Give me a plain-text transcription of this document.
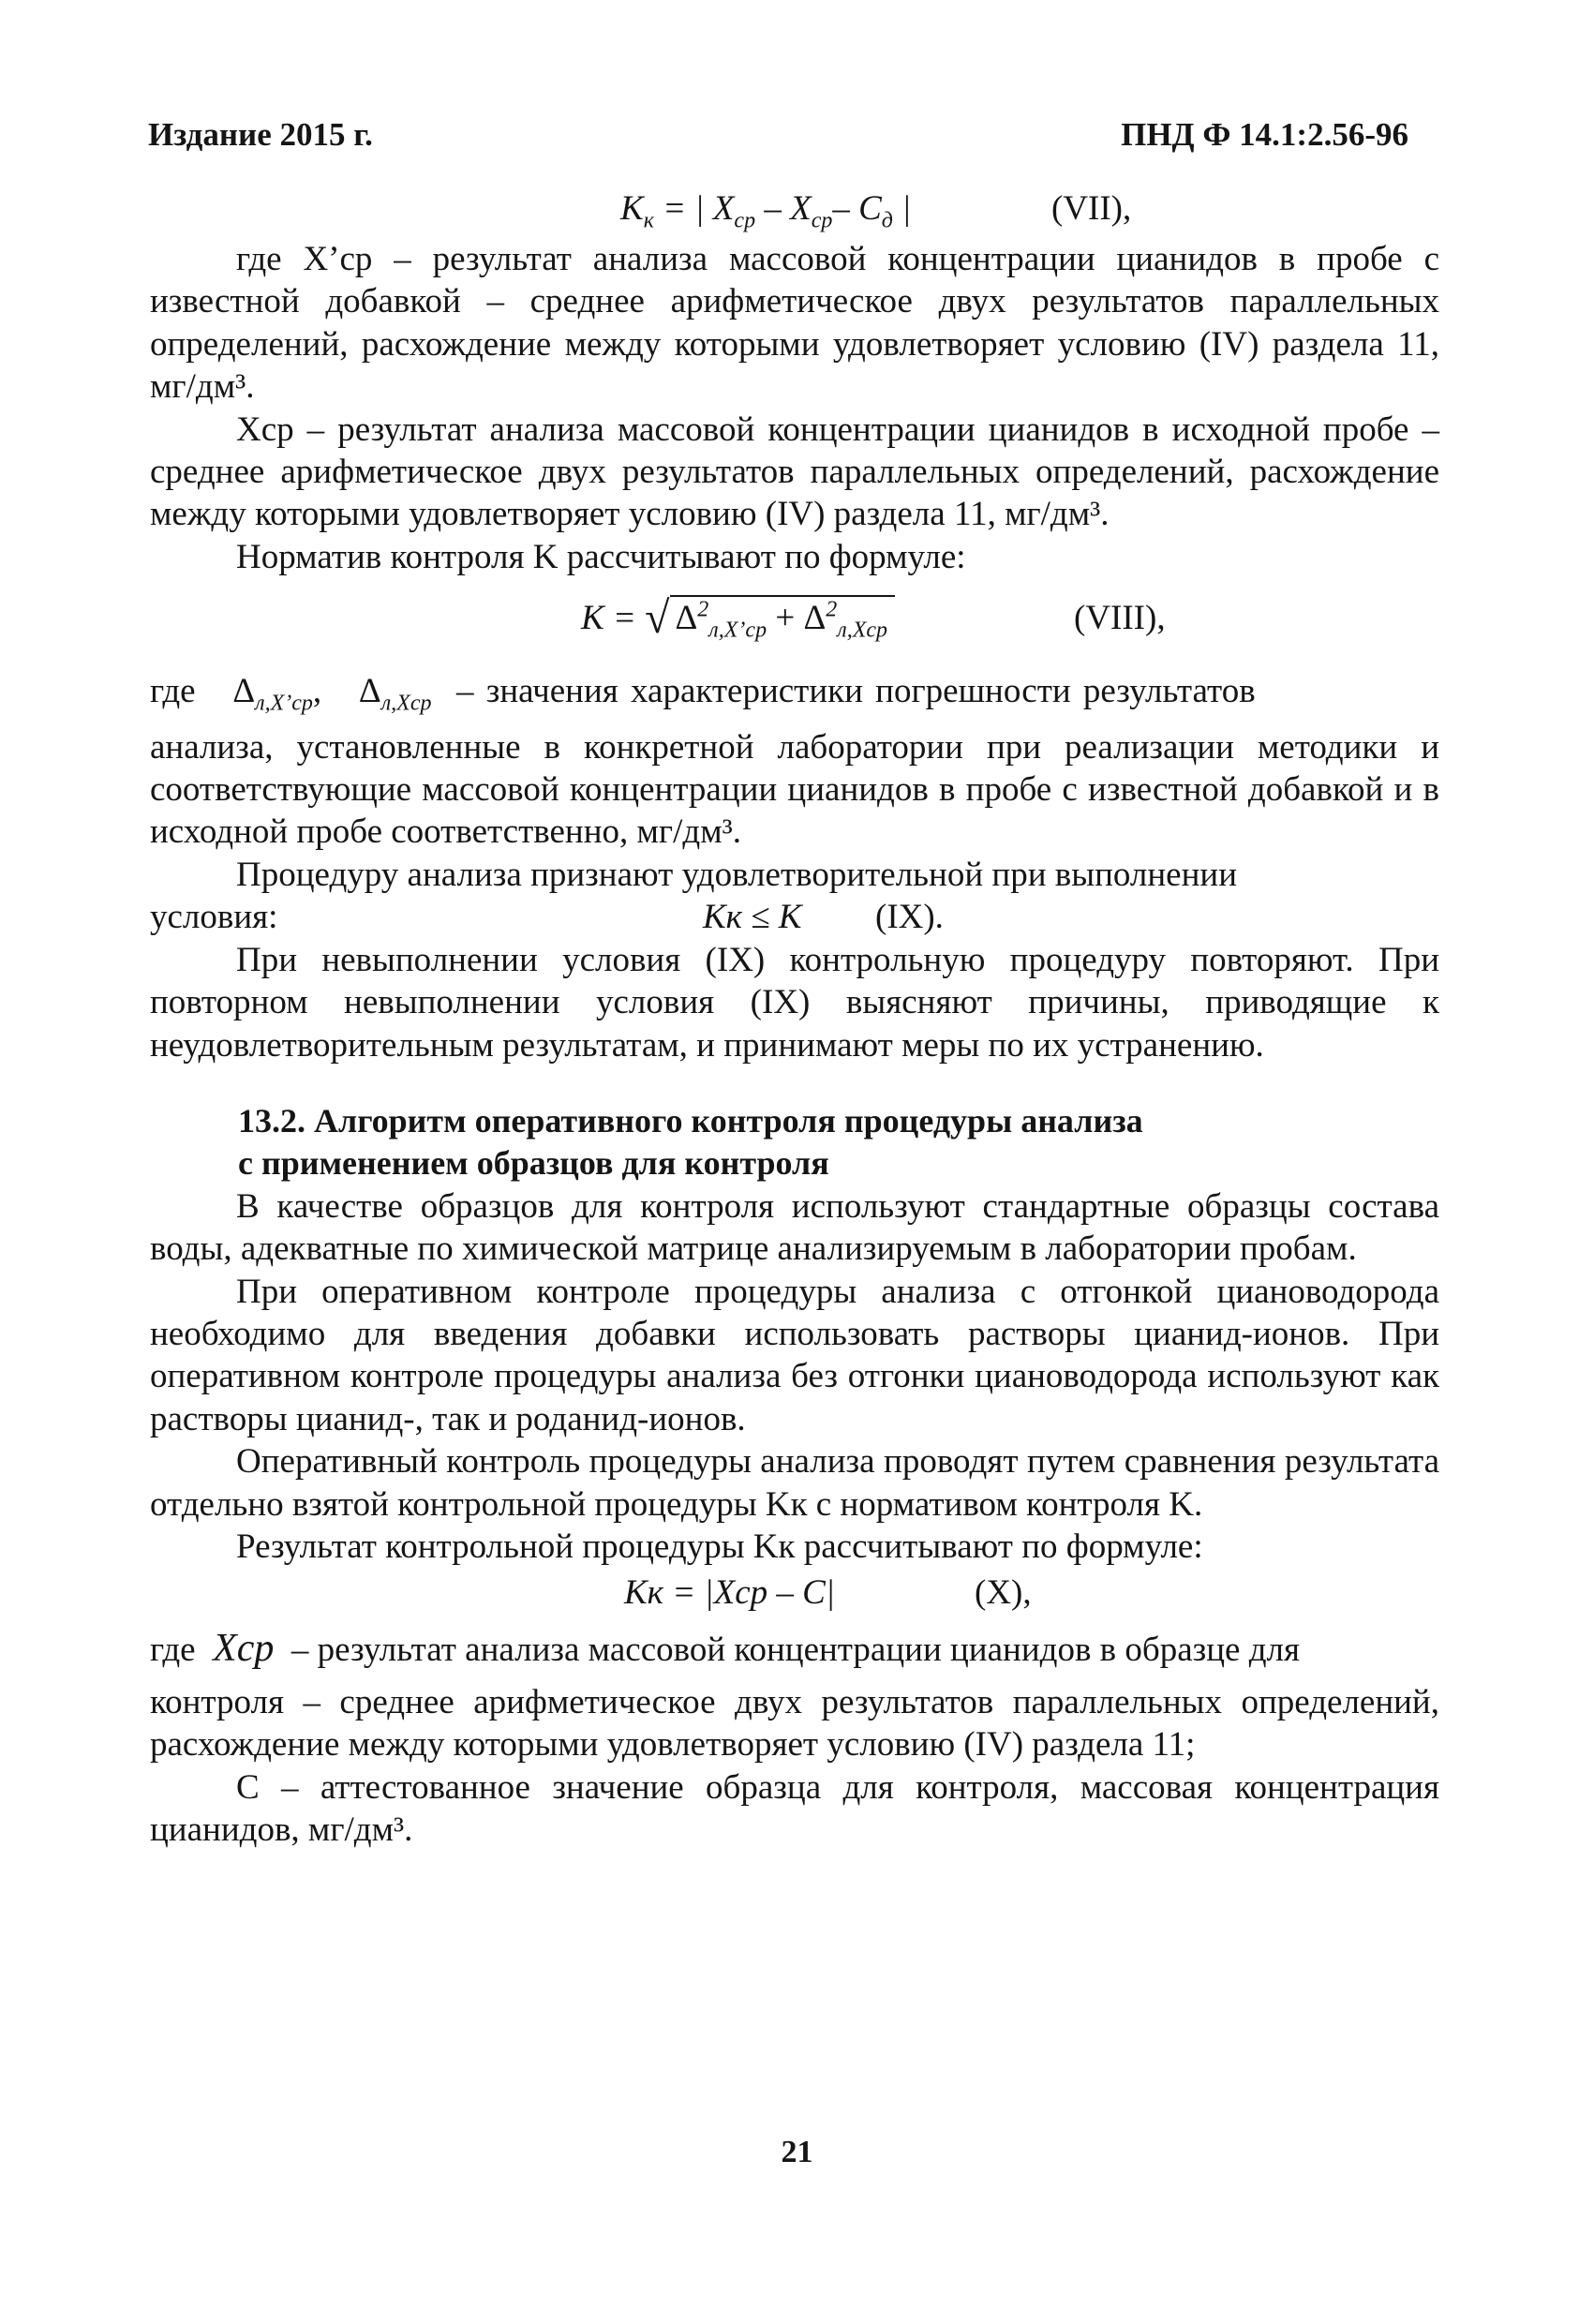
Издание 2015 г.	ПНД Ф 14.1:2.56-96
$K_к$ = | $X_{ср} - X_{ср}-$ $C_д$ |	(VII),

где X’ср – результат анализа массовой концентрации цианидов в пробе с известной добавкой – среднее арифметическое двух результатов параллельных определений, расхождение между которыми удовлетворяет условию (IV) раздела 11, мг/дм³.

Xср – результат анализа массовой концентрации цианидов в исходной пробе – среднее арифметическое двух результатов параллельных определений, расхождение между которыми удовлетворяет условию (IV) раздела 11, мг/дм³.

Норматив контроля K рассчитывают по формуле:

K = √ $\Delta^2_{л,X’ср} + \Delta^2_{л,Xср}$	(VIII),

где $\Delta_{л,X’ср}$,   $\Delta_{л,Xср}$ – значения характеристики погрешности результатов

анализа, установленные в конкретной лаборатории при реализации методики и соответствующие массовой концентрации цианидов в пробе с известной добавкой и в исходной пробе соответственно, мг/дм³.

Процедуру анализа признают удовлетворительной при выполнении

условия:	Kк ≤ K (IX).

При невыполнении условия (IX) контрольную процедуру повторяют. При повторном невыполнении условия (IX) выясняют причины, приводящие к неудовлетворительным результатам, и принимают меры по их устранению.

13.2. Алгоритм оперативного контроля процедуры анализа

с применением образцов для контроля

В качестве образцов для контроля используют стандартные образцы состава воды, адекватные по химической матрице анализируемым в лаборатории пробам.

При оперативном контроле процедуры анализа с отгонкой циановодорода необходимо для введения добавки использовать растворы цианид-ионов. При оперативном контроле процедуры анализа без отгонки циановодорода используют как растворы цианид-, так и роданид-ионов.

Оперативный контроль процедуры анализа проводят путем сравнения результата отдельно взятой контрольной процедуры Kк с нормативом контроля K.

Результат контрольной процедуры Kк рассчитывают по формуле:

Kк = |Xср – C|	(X),

где Xср – результат анализа массовой концентрации цианидов в образце для

контроля – среднее арифметическое двух результатов параллельных определений, расхождение между которыми удовлетворяет условию (IV) раздела 11;

C – аттестованное значение образца для контроля, массовая концентрация цианидов, мг/дм³.

21
